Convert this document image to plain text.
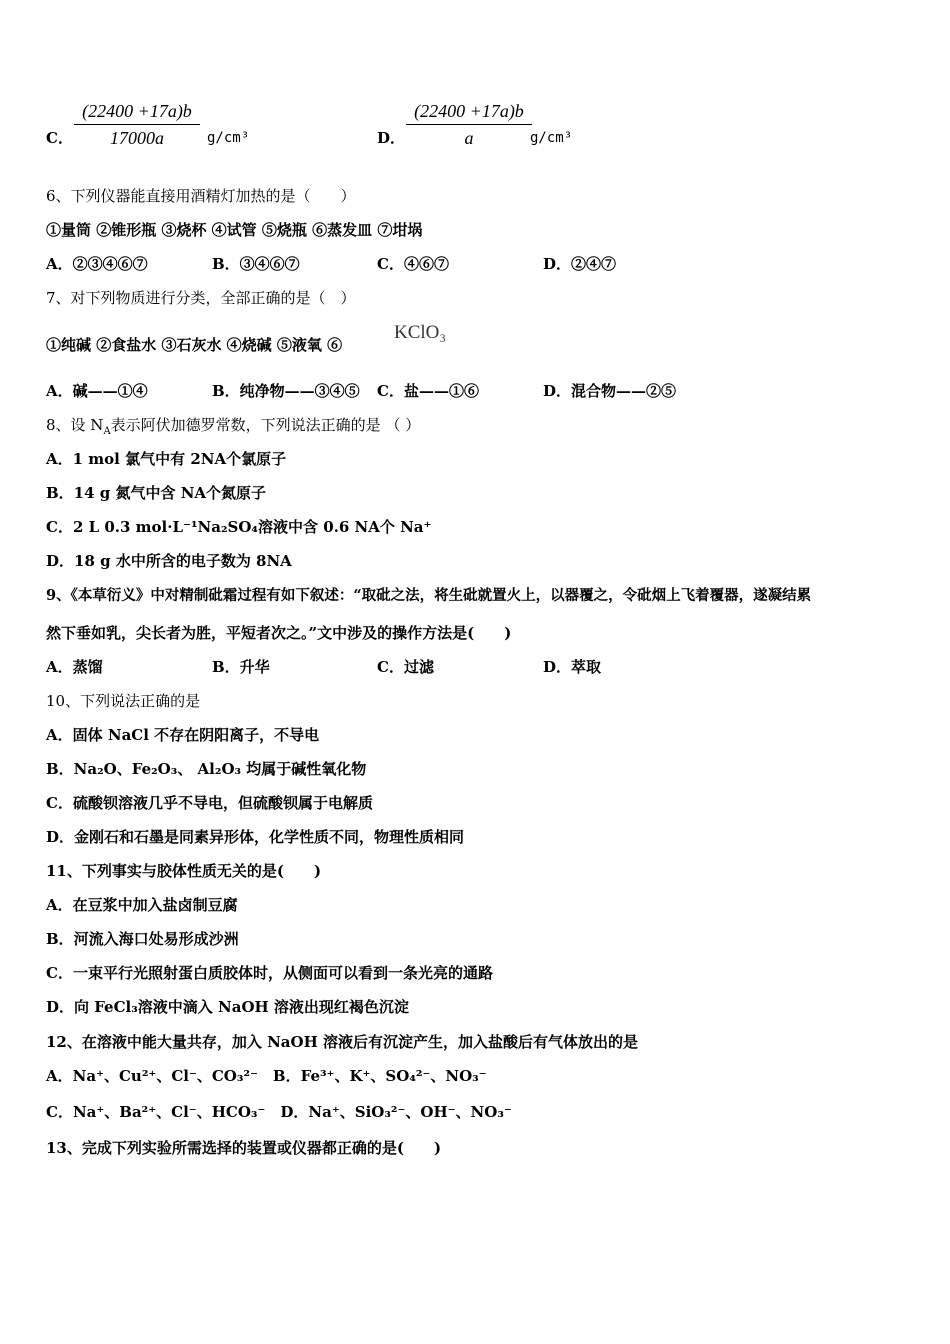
C． $\frac{(22400 +17a)b}{17000a} g/cm^3$	D． $\frac{(22400 +17a)b}{a}$
g/cm³
6、下列仪器能直接用酒精灯加热的是（　　）
①量筒 ②锥形瓶 ③烧杯 ④试管 ⑤烧瓶 ⑥蒸发皿 ⑦坩埚
A．②③④⑥⑦	B．③④⑥⑦	C．④⑥⑦	D．②④⑦
7、对下列物质进行分类，全部正确的是（　）
①纯碱 ②食盐水 ③石灰水 ④烧碱 ⑤液氧 ⑥
KClO₃
A．碱——①④	B．纯净物——③④⑤ C．盐——①⑥	D．混合物——②⑤
8、设 $N_A$表示阿伏加德罗常数，下列说法正确的是 （ ）
A．1 mol 氯气中有 2NA个氯原子
B．14 g 氮气中含 NA个氮原子
C．2 L 0.3 mol·L⁻¹Na₂SO₄溶液中含 0.6 NA个 Na⁺
D．18 g 水中所含的电子数为 8NA
9、《本草衍义》中对精制砒霜过程有如下叙述：“取砒之法，将生砒就置火上，以器覆之，令砒烟上飞着覆器，遂凝结累
然下垂如乳，尖长者为胜，平短者次之。”文中涉及的操作方法是(　　)
A．蒸馏	B．升华	C．过滤	D．萃取
10、下列说法正确的是
A．固体 NaCl 不存在阴阳离子，不导电
B．Na₂O、Fe₂O₃、 Al₂O₃ 均属于碱性氧化物
C．硫酸钡溶液几乎不导电，但硫酸钡属于电解质
D．金刚石和石墨是同素异形体，化学性质不同，物理性质相同
11、下列事实与胶体性质无关的是(　　)
A．在豆浆中加入盐卤制豆腐
B．河流入海口处易形成沙洲
C．一束平行光照射蛋白质胶体时，从侧面可以看到一条光亮的通路
D．向 FeCl₃溶液中滴入 NaOH 溶液出现红褐色沉淀
12、在溶液中能大量共存，加入 NaOH 溶液后有沉淀产生，加入盐酸后有气体放出的是
A．Na⁺、Cu²⁺、Cl⁻、CO₃²⁻　B．Fe³⁺、K⁺、SO₄²⁻、NO₃⁻
C．Na⁺、Ba²⁺、Cl⁻、HCO₃⁻　D．Na⁺、SiO₃²⁻、OH⁻、NO₃⁻
13、完成下列实验所需选择的装置或仪器都正确的是(　　)
